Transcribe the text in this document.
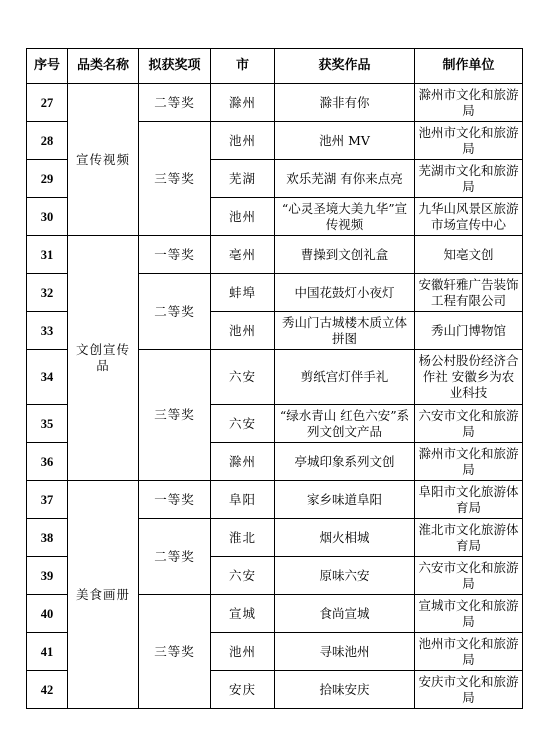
序号	品类名称	拟获奖项	市	获奖作品	制作单位
27	宣传视频	二等奖	滁州	滁非有你	滁州市文化和旅游局
28		三等奖	池州	池州 MV	池州市文化和旅游局
29			芜湖	欢乐芜湖 有你来点亮	芜湖市文化和旅游局
30			池州	“心灵圣境大美九华”宣传视频	九华山风景区旅游市场宣传中心
31	文创宣传品	一等奖	亳州	曹操到文创礼盒	知亳文创
32		二等奖	蚌埠	中国花鼓灯小夜灯	安徽轩雅广告装饰工程有限公司
33			池州	秀山门古城楼木质立体拼图	秀山门博物馆
34		三等奖	六安	剪纸宫灯伴手礼	杨公村股份经济合作社 安徽乡为农业科技
35			六安	“绿水青山 红色六安”系列文创文产品	六安市文化和旅游局
36			滁州	亭城印象系列文创	滁州市文化和旅游局
37	美食画册	一等奖	阜阳	家乡味道阜阳	阜阳市文化旅游体育局
38		二等奖	淮北	烟火相城	淮北市文化旅游体育局
39			六安	原味六安	六安市文化和旅游局
40		三等奖	宣城	食尚宣城	宣城市文化和旅游局
41			池州	寻味池州	池州市文化和旅游局
42			安庆	拾味安庆	安庆市文化和旅游局
